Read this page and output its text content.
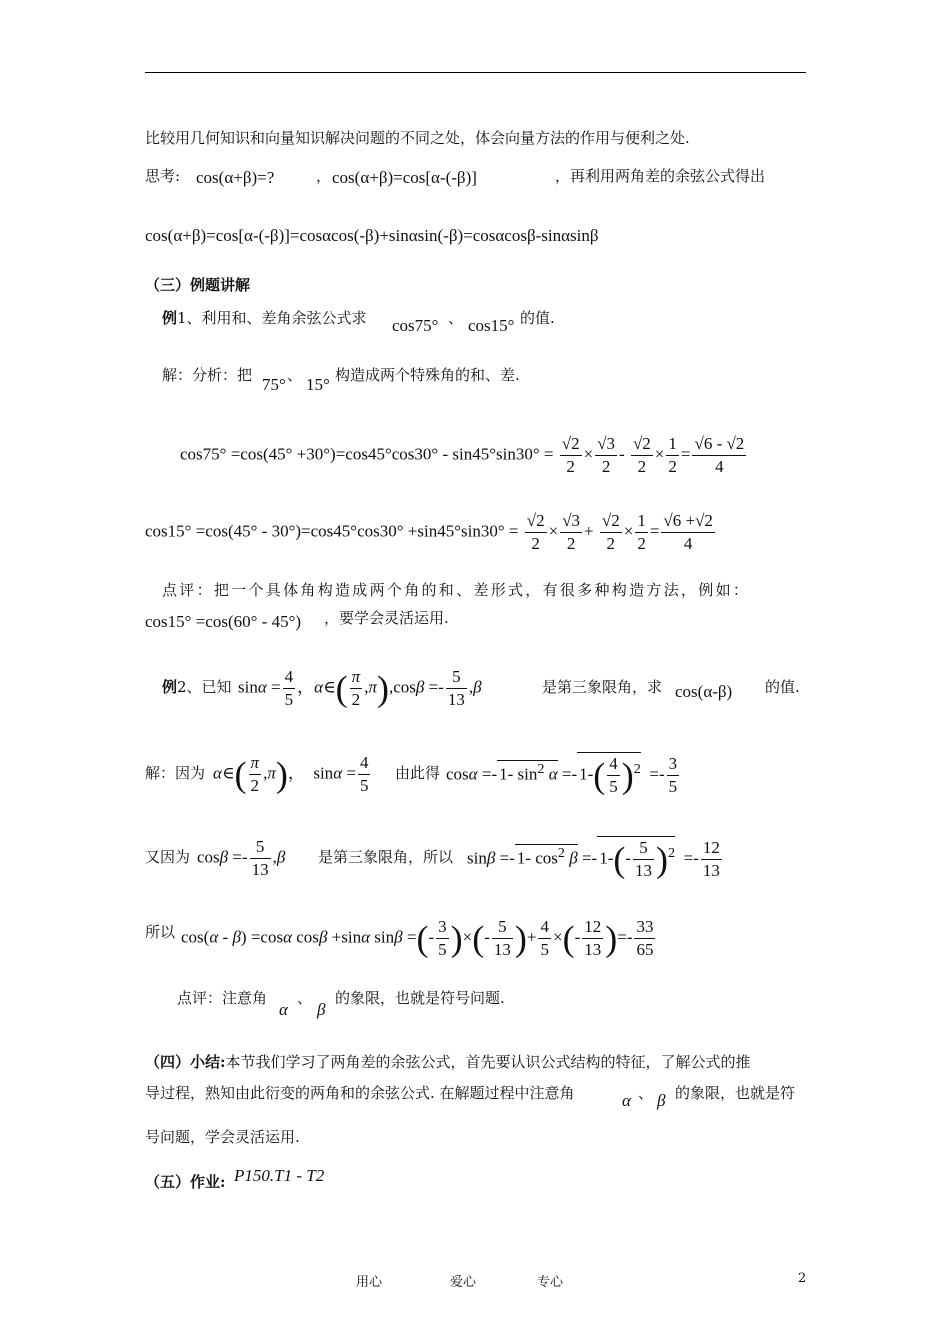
比较用几何知识和向量知识解决问题的不同之处，体会向量方法的作用与便利之处.
思考: cos(α+β)=?	， cos(α+β)=cos[α-(-β)]	，再利用两角差的余弦公式得出
cos(α+β)=cos[α-(-β)]=cosαcos(-β)+sinαsin(-β)=cosαcosβ-sinαsinβ
（三）例题讲解
例1、利用和、差角余弦公式求 cos75° 、 cos15° 的值.
解：分析：把 75° 、 15° 构造成两个特殊角的和、差.
$\cos 75^\circ =\cos(45^\circ +30^\circ)=\cos 45^\circ\cos 30^\circ - \sin 45^\circ\sin 30^\circ = \frac{√2}{2} \times \frac{√3}{2} - \frac{√2}{2} \times \frac{1}{2} = \frac{√6 - √2}{4}$
$\cos 15^\circ =\cos(45^\circ - 30^\circ)=\cos 45^\circ\cos 30^\circ +\sin 45^\circ\sin 30^\circ = \frac{√2}{2} \times \frac{√3}{2} + \frac{√2}{2} \times \frac{1}{2} = \frac{√6 +√2}{4}$
点评：把一个具体角构造成两个角的和、差形式，有很多种构造方法，例如：
cos15° =cos(60° - 45°) ，要学会灵活运用.
例2、已知 $\sin\alpha = \frac{4}{5}$ ，α∈( $\frac{\pi}{2} ,\pi),\cos\beta =- \frac{5}{13} ,\beta$	是第三象限角，求 cos(α-β) 的值.
解：因为 α∈( $\frac{\pi}{2} ,\pi$)，  $\sin\alpha = \frac{4}{5}$ 由此得 cosα =- 1- $\sin^2 \alpha =- 1-( \frac{4}{5} )^2 =- \frac{3}{5}$
又因为 $\cos\beta =- \frac{5}{13} ,\beta$ 是第三象限角，所以 sinβ =- 1- $\cos^2 \beta =- 1-(- \frac{5}{13} )^2 =- \frac{12}{13}$
所以 cos(α - β) =cosα cosβ +sinα sinβ =(- $\frac{3}{5}$ )×(- $\frac{5}{13}$ )+ $\frac{4}{5}$ ×(- $\frac{12}{13}$ )=- $\frac{33}{65}$
点评：注意角
α
、
β
的象限，也就是符号问题.
（四）小结:本节我们学习了两角差的余弦公式，首先要认识公式结构的特征，了解公式的推
导过程，熟知由此衍变的两角和的余弦公式. 在解题过程中注意角	α 、 β 的象限，也就是符
号问题，学会灵活运用.
（五）作业: P150.T1 - T2
用心	爱心	专心	2
